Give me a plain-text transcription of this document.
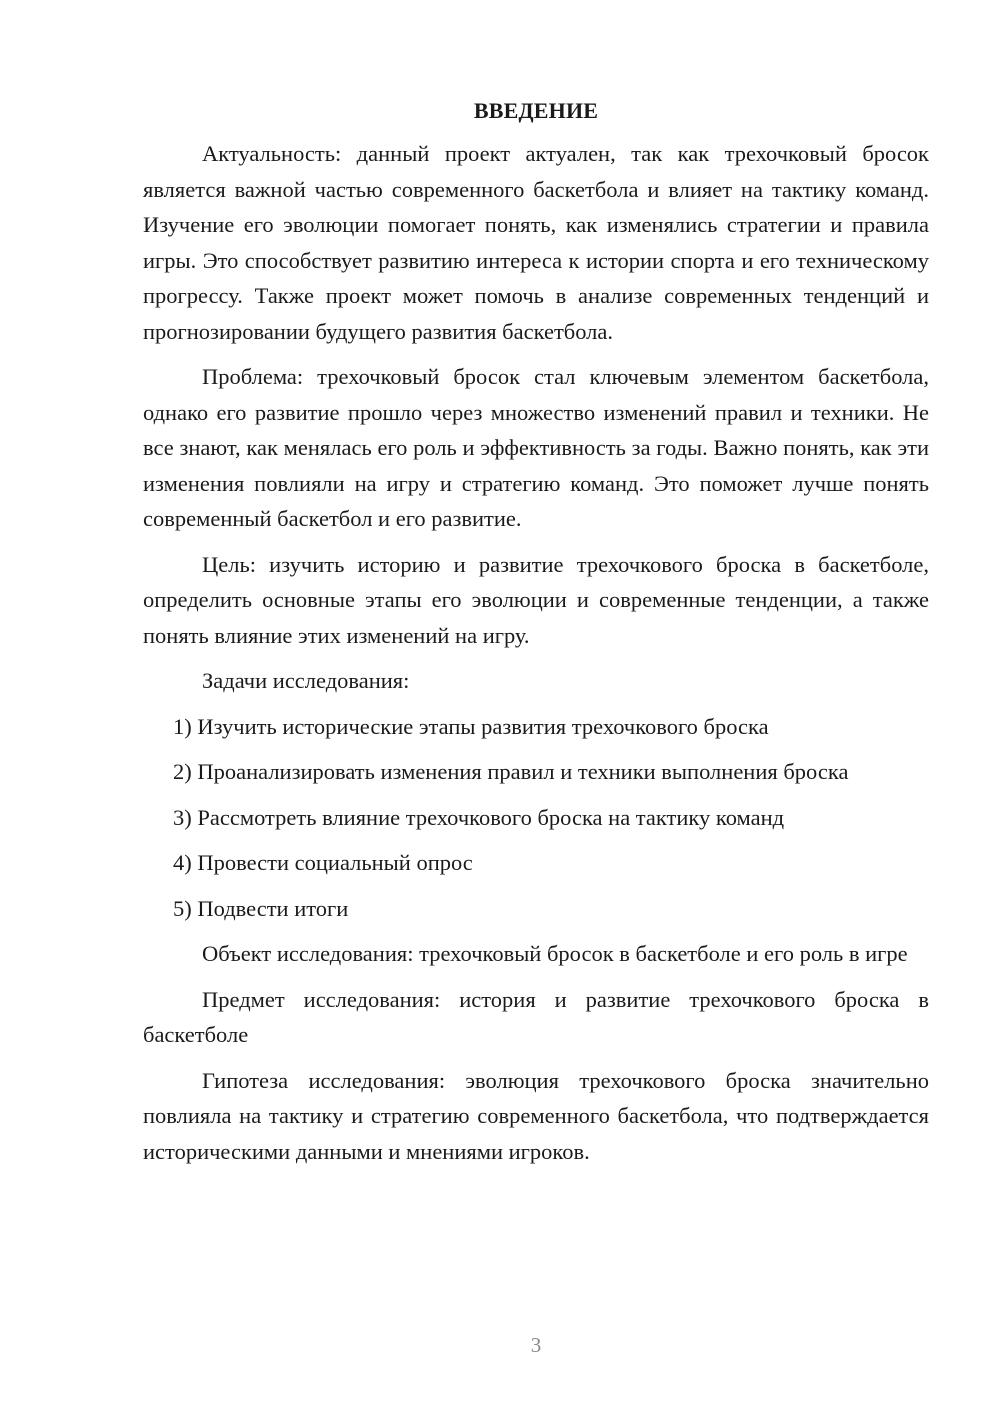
ВВЕДЕНИЕ

Актуальность: данный проект актуален, так как трехочковый бросок является важной частью современного баскетбола и влияет на тактику команд. Изучение его эволюции помогает понять, как изменялись стратегии и правила игры. Это способствует развитию интереса к истории спорта и его техническому прогрессу. Также проект может помочь в анализе современных тенденций и прогнозировании будущего развития баскетбола.

Проблема: трехочковый бросок стал ключевым элементом баскетбола, однако его развитие прошло через множество изменений правил и техники. Не все знают, как менялась его роль и эффективность за годы. Важно понять, как эти изменения повлияли на игру и стратегию команд. Это поможет лучше понять современный баскетбол и его развитие.

Цель: изучить историю и развитие трехочкового броска в баскетболе, определить основные этапы его эволюции и современные тенденции, а также понять влияние этих изменений на игру.

Задачи исследования:
1) Изучить исторические этапы развития трехочкового броска
2) Проанализировать изменения правил и техники выполнения броска
3) Рассмотреть влияние трехочкового броска на тактику команд
4) Провести социальный опрос
5) Подвести итоги

Объект исследования: трехочковый бросок в баскетболе и его роль в игре

Предмет исследования: история и развитие трехочкового броска в баскетболе

Гипотеза исследования: эволюция трехочкового броска значительно повлияла на тактику и стратегию современного баскетбола, что подтверждается историческими данными и мнениями игроков.

3
